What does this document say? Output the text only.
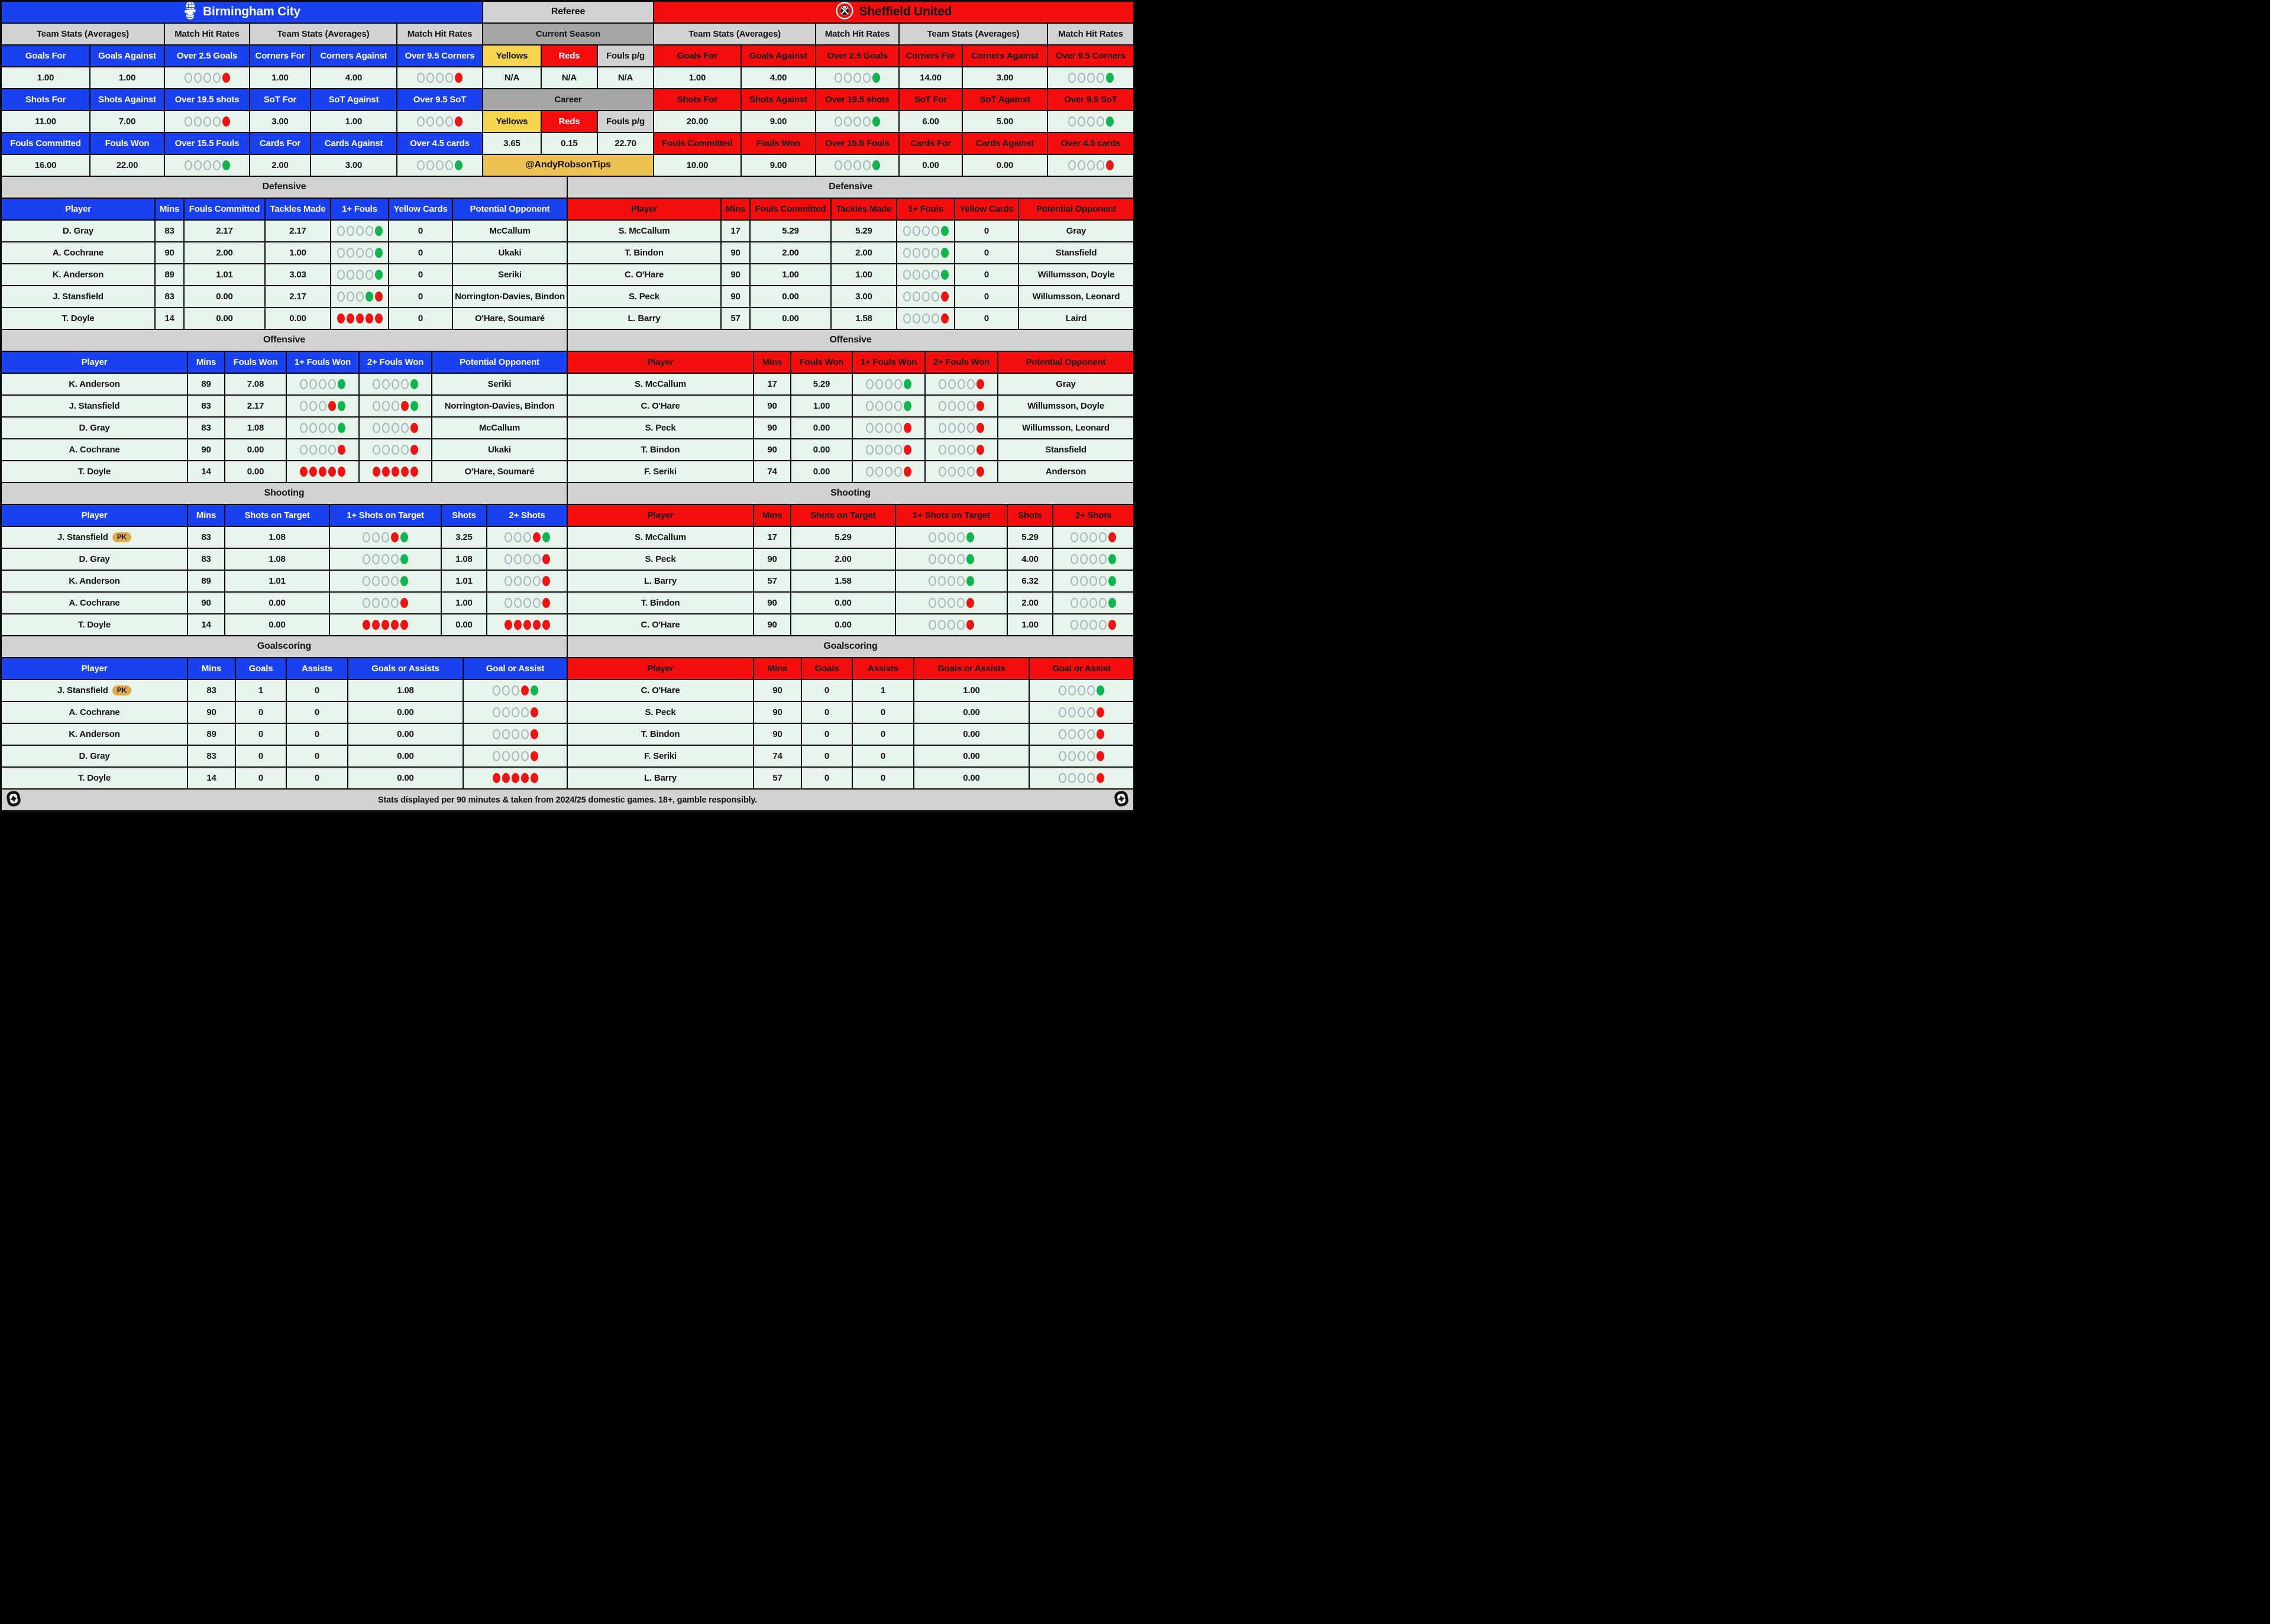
Birmingham City
Team Stats (Averages)	Match Hit Rates	Team Stats (Averages)	Match Hit Rates
Goals For	Goals Against	Over 2.5 Goals	Corners For	Corners Against	Over 9.5 Corners
1.00	1.00	1.00	4.00
Shots For	Shots Against	Over 19.5 shots	SoT For	SoT Against	Over 9.5 SoT
11.00	7.00	3.00	1.00
Fouls Committed	Fouls Won	Over 15.5 Fouls	Cards For	Cards Against	Over 4.5 cards
16.00	22.00	2.00	3.00
Referee
Current Season
Yellows	Reds	Fouls p/g
N/A	N/A	N/A
Career
Yellows	Reds	Fouls p/g
3.65	0.15	22.70
@AndyRobsonTips
Sheffield United
Team Stats (Averages)	Match Hit Rates	Team Stats (Averages)	Match Hit Rates
Goals For	Goals Against	Over 2.5 Goals	Corners For	Corners Against	Over 9.5 Corners
1.00	4.00	14.00	3.00
Shots For	Shots Against	Over 19.5 shots	SoT For	SoT Against	Over 9.5 SoT
20.00	9.00	6.00	5.00
Fouls Committed	Fouls Won	Over 15.5 Fouls	Cards For	Cards Against	Over 4.5 cards
10.00	9.00	0.00	0.00
Defensive	Defensive
Player	Mins	Fouls Committed	Tackles Made	1+ Fouls	Yellow Cards	Potential Opponent
D. Gray	83	2.17	2.17	0	McCallum
A. Cochrane	90	2.00	1.00	0	Ukaki
K. Anderson	89	1.01	3.03	0	Seriki
J. Stansfield	83	0.00	2.17	0	Norrington-Davies, Bindon
T. Doyle	14	0.00	0.00	0	O'Hare, Soumaré
Player	Mins	Fouls Committed	Tackles Made	1+ Fouls	Yellow Cards	Potential Opponent
S. McCallum	17	5.29	5.29	0	Gray
T. Bindon	90	2.00	2.00	0	Stansfield
C. O'Hare	90	1.00	1.00	0	Willumsson, Doyle
S. Peck	90	0.00	3.00	0	Willumsson, Leonard
L. Barry	57	0.00	1.58	0	Laird
Offensive	Offensive
Player	Mins	Fouls Won	1+ Fouls Won	2+ Fouls Won	Potential Opponent
K. Anderson	89	7.08	Seriki
J. Stansfield	83	2.17	Norrington-Davies, Bindon
D. Gray	83	1.08	McCallum
A. Cochrane	90	0.00	Ukaki
T. Doyle	14	0.00	O'Hare, Soumaré
Player	Mins	Fouls Won	1+ Fouls Won	2+ Fouls Won	Potential Opponent
S. McCallum	17	5.29	Gray
C. O'Hare	90	1.00	Willumsson, Doyle
S. Peck	90	0.00	Willumsson, Leonard
T. Bindon	90	0.00	Stansfield
F. Seriki	74	0.00	Anderson
Shooting	Shooting
Player	Mins	Shots on Target	1+ Shots on Target	Shots	2+ Shots
J. Stansfield	PK	83	1.08	3.25
D. Gray	83	1.08	1.08
K. Anderson	89	1.01	1.01
A. Cochrane	90	0.00	1.00
T. Doyle	14	0.00	0.00
Player	Mins	Shots on Target	1+ Shots on Target	Shots	2+ Shots
S. McCallum	17	5.29	5.29
S. Peck	90	2.00	4.00
L. Barry	57	1.58	6.32
T. Bindon	90	0.00	2.00
C. O'Hare	90	0.00	1.00
Goalscoring	Goalscoring
Player	Mins	Goals	Assists	Goals or Assists	Goal or Assist
J. Stansfield	PK	83	1	0	1.08
A. Cochrane	90	0	0	0.00
K. Anderson	89	0	0	0.00
D. Gray	83	0	0	0.00
T. Doyle	14	0	0	0.00
Player	Mins	Goals	Assists	Goals or Assists	Goal or Assist
C. O'Hare	90	0	1	1.00
S. Peck	90	0	0	0.00
T. Bindon	90	0	0	0.00
F. Seriki	74	0	0	0.00
L. Barry	57	0	0	0.00
Stats displayed per 90 minutes & taken from 2024/25 domestic games. 18+, gamble responsibly.
